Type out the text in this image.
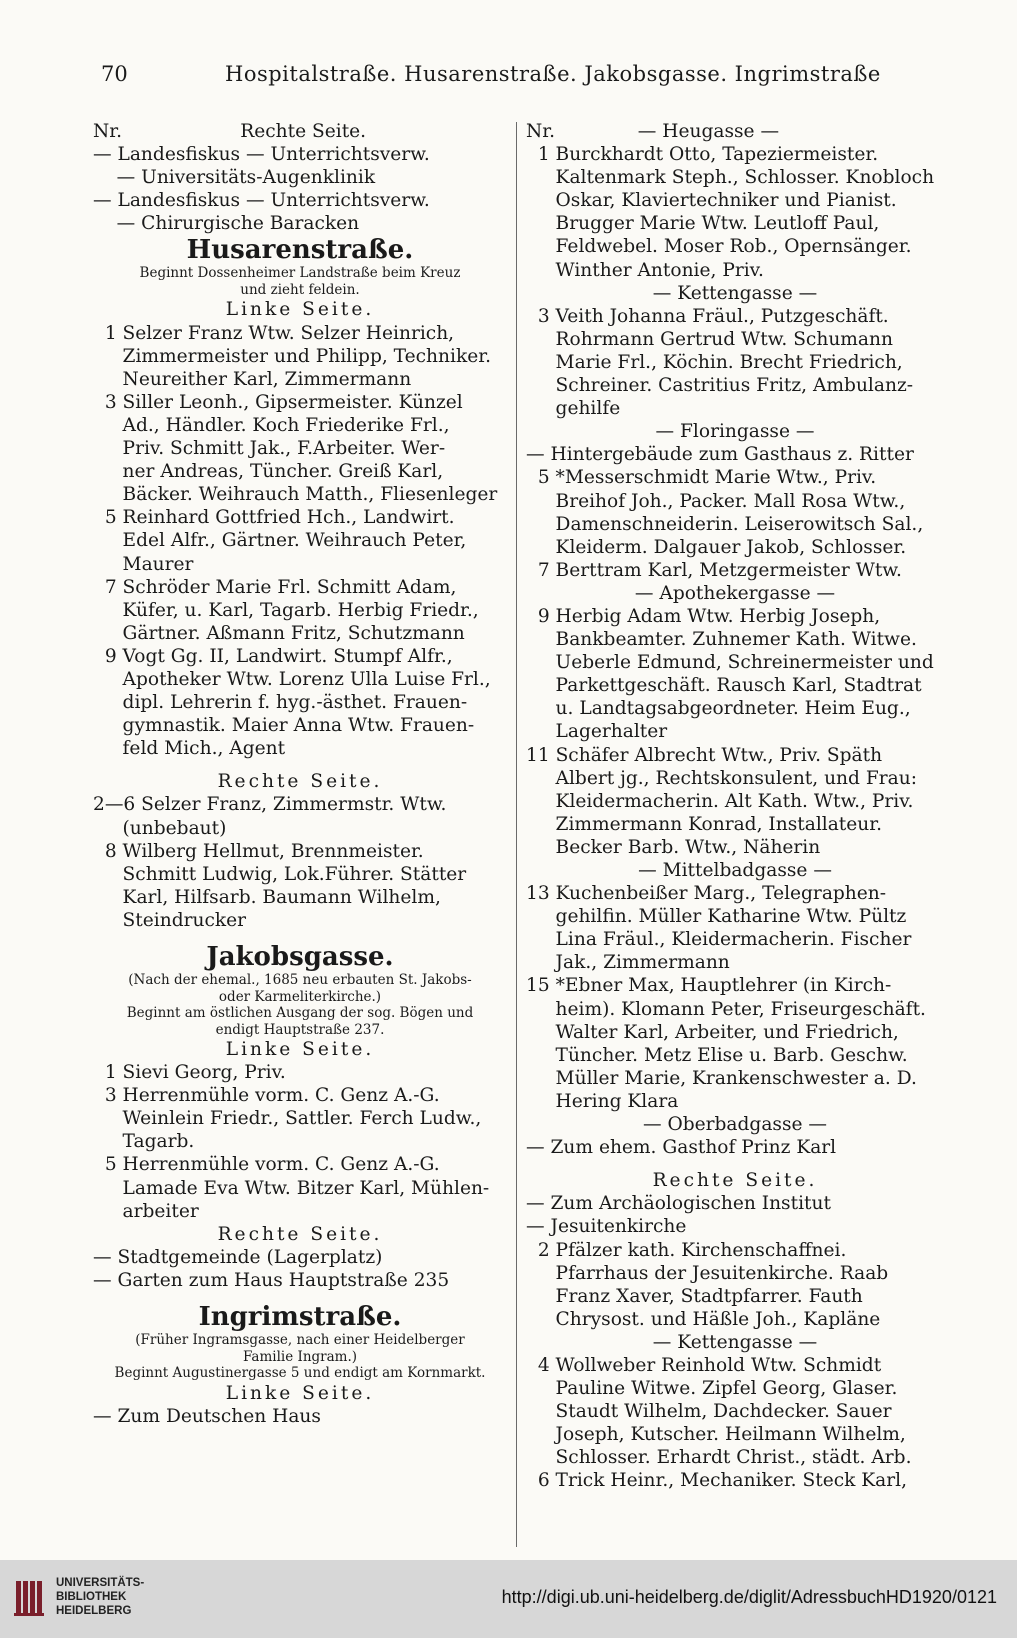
70	Hospitalstraße. Husarenstraße. Jakobsgasse. Ingrimstraße
Nr.                    Rechte Seite.
— Landesfiskus — Unterrichtsverw.
— Universitäts-Augenklinik
— Landesfiskus — Unterrichtsverw.
— Chirurgische Baracken
Husarenstraße.
Beginnt Dossenheimer Landstraße beim Kreuz
und zieht feldein.
Linke Seite.
1 Selzer Franz Wtw. Selzer Heinrich,
Zimmermeister und Philipp, Techniker.
Neureither Karl, Zimmermann
3 Siller Leonh., Gipsermeister. Künzel
Ad., Händler. Koch Friederike Frl.,
Priv. Schmitt Jak., F.Arbeiter. Wer-
ner Andreas, Tüncher. Greiß Karl,
Bäcker. Weihrauch Matth., Fliesenleger
5 Reinhard Gottfried Hch., Landwirt.
Edel Alfr., Gärtner. Weihrauch Peter,
Maurer
7 Schröder Marie Frl. Schmitt Adam,
Küfer, u. Karl, Tagarb. Herbig Friedr.,
Gärtner. Aßmann Fritz, Schutzmann
9 Vogt Gg. II, Landwirt. Stumpf Alfr.,
Apotheker Wtw. Lorenz Ulla Luise Frl.,
dipl. Lehrerin f. hyg.-ästhet. Frauen-
gymnastik. Maier Anna Wtw. Frauen-
feld Mich., Agent
Rechte Seite.
2—6 Selzer Franz, Zimmermstr. Wtw.
(unbebaut)
8 Wilberg Hellmut, Brennmeister.
Schmitt Ludwig, Lok.Führer. Stätter
Karl, Hilfsarb. Baumann Wilhelm,
Steindrucker
Jakobsgasse.
(Nach der ehemal., 1685 neu erbauten St. Jakobs-
oder Karmeliterkirche.)
Beginnt am östlichen Ausgang der sog. Bögen und
endigt Hauptstraße 237.
Linke Seite.
1 Sievi Georg, Priv.
3 Herrenmühle vorm. C. Genz A.-G.
Weinlein Friedr., Sattler. Ferch Ludw.,
Tagarb.
5 Herrenmühle vorm. C. Genz A.-G.
Lamade Eva Wtw. Bitzer Karl, Mühlen-
arbeiter
Rechte Seite.
— Stadtgemeinde (Lagerplatz)
— Garten zum Haus Hauptstraße 235
Ingrimstraße.
(Früher Ingramsgasse, nach einer Heidelberger
Familie Ingram.)
Beginnt Augustinergasse 5 und endigt am Kornmarkt.
Linke Seite.
— Zum Deutschen Haus
Nr.              — Heugasse —
1 Burckhardt Otto, Tapeziermeister.
Kaltenmark Steph., Schlosser. Knobloch
Oskar, Klaviertechniker und Pianist.
Brugger Marie Wtw. Leutloff Paul,
Feldwebel. Moser Rob., Opernsänger.
Winther Antonie, Priv.
— Kettengasse —
3 Veith Johanna Fräul., Putzgeschäft.
Rohrmann Gertrud Wtw. Schumann
Marie Frl., Köchin. Brecht Friedrich,
Schreiner. Castritius Fritz, Ambulanz-
gehilfe
— Floringasse —
— Hintergebäude zum Gasthaus z. Ritter
5 *Messerschmidt Marie Wtw., Priv.
Breihof Joh., Packer. Mall Rosa Wtw.,
Damenschneiderin. Leiserowitsch Sal.,
Kleiderm. Dalgauer Jakob, Schlosser.
7 Berttram Karl, Metzgermeister Wtw.
— Apothekergasse —
9 Herbig Adam Wtw. Herbig Joseph,
Bankbeamter. Zuhnemer Kath. Witwe.
Ueberle Edmund, Schreinermeister und
Parkettgeschäft. Rausch Karl, Stadtrat
u. Landtagsabgeordneter. Heim Eug.,
Lagerhalter
11 Schäfer Albrecht Wtw., Priv. Späth
Albert jg., Rechtskonsulent, und Frau:
Kleidermacherin. Alt Kath. Wtw., Priv.
Zimmermann Konrad, Installateur.
Becker Barb. Wtw., Näherin
— Mittelbadgasse —
13 Kuchenbeißer Marg., Telegraphen-
gehilfin. Müller Katharine Wtw. Pültz
Lina Fräul., Kleidermacherin. Fischer
Jak., Zimmermann
15 *Ebner Max, Hauptlehrer (in Kirch-
heim). Klomann Peter, Friseurgeschäft.
Walter Karl, Arbeiter, und Friedrich,
Tüncher. Metz Elise u. Barb. Geschw.
Müller Marie, Krankenschwester a. D.
Hering Klara
— Oberbadgasse —
— Zum ehem. Gasthof Prinz Karl
Rechte Seite.
— Zum Archäologischen Institut
— Jesuitenkirche
2 Pfälzer kath. Kirchenschaffnei.
Pfarrhaus der Jesuitenkirche. Raab
Franz Xaver, Stadtpfarrer. Fauth
Chrysost. und Häßle Joh., Kapläne
— Kettengasse —
4 Wollweber Reinhold Wtw. Schmidt
Pauline Witwe. Zipfel Georg, Glaser.
Staudt Wilhelm, Dachdecker. Sauer
Joseph, Kutscher. Heilmann Wilhelm,
Schlosser. Erhardt Christ., städt. Arb.
6 Trick Heinr., Mechaniker. Steck Karl,
UNIVERSITÄTS-
BIBLIOTHEK
HEIDELBERG
http://digi.ub.uni-heidelberg.de/diglit/AdressbuchHD1920/0121
